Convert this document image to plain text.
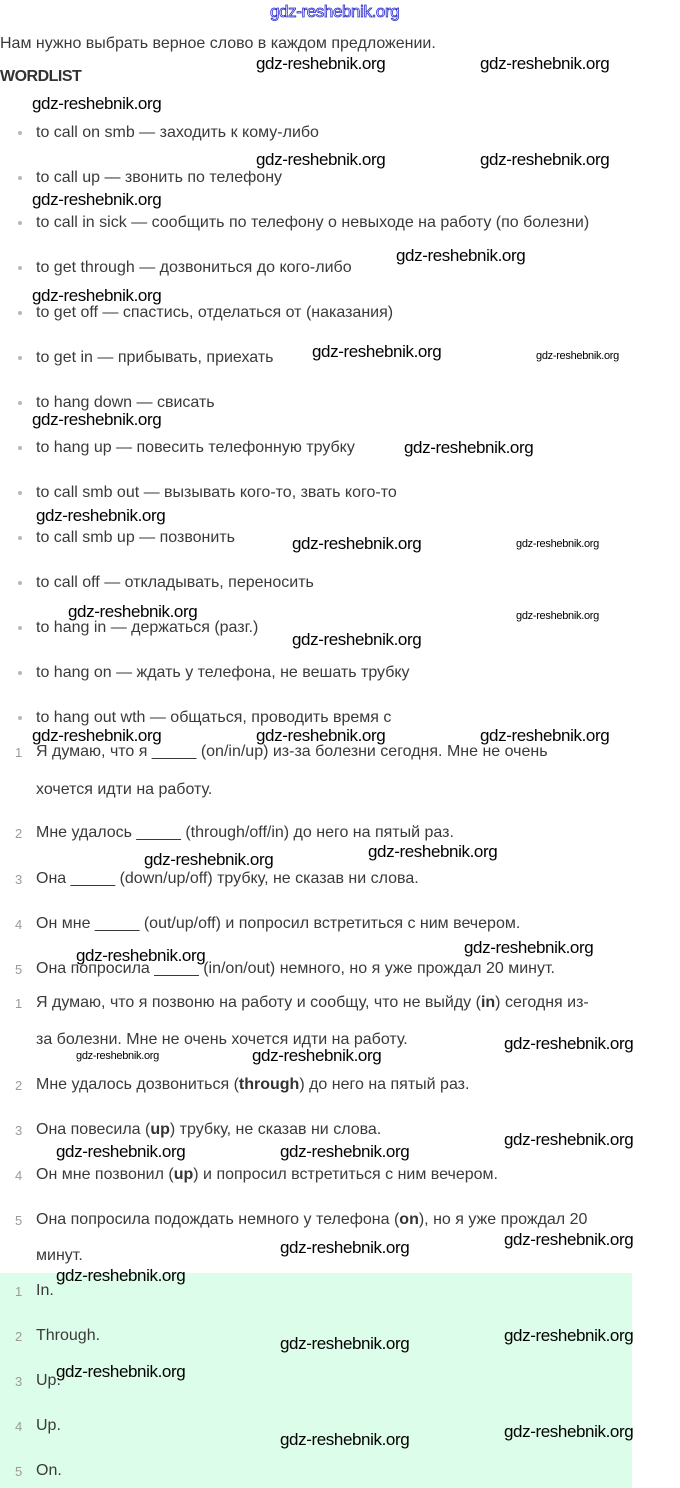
Нам нужно выбрать верное слово в каждом предложении.
WORDLIST
to call on smb — заходить к кому-либо
to call up — звонить по телефону
to call in sick — сообщить по телефону о невыходе на работу (по болезни)
to get through — дозвониться до кого-либо
to get off — спастись, отделаться от (наказания)
to get in — прибывать, приехать
to hang down — свисать
to hang up — повесить телефонную трубку
to call smb out — вызывать кого-то, звать кого-то
to call smb up — позвонить
to call off — откладывать, переносить
to hang in — держаться (разг.)
to hang on — ждать у телефона, не вешать трубку
to hang out wth — общаться, проводить время с
1 Я думаю, что я _____ (on/in/up) из-за болезни сегодня. Мне не очень
хочется идти на работу.
2 Мне удалось _____ (through/off/in) до него на пятый раз.
3 Она _____ (down/up/off) трубку, не сказав ни слова.
4 Он мне _____ (out/up/off) и попросил встретиться с ним вечером.
5 Она попросила _____ (in/on/out) немного, но я уже прождал 20 минут.
1 Я думаю, что я позвоню на работу и сообщу, что не выйду (in) сегодня из-
за болезни. Мне не очень хочется идти на работу.
2 Мне удалось дозвониться (through) до него на пятый раз.
3 Она повесила (up) трубку, не сказав ни слова.
4 Он мне позвонил (up) и попросил встретиться с ним вечером.
5 Она попросила подождать немного у телефона (on), но я уже прождал 20
минут.
1 In.
2 Through.
3 Up.
4 Up.
5 On.
gdz-reshebnik.org
gdz-reshebnik.org	gdz-reshebnik.org
gdz-reshebnik.org
gdz-reshebnik.org	gdz-reshebnik.org
gdz-reshebnik.org
gdz-reshebnik.org
gdz-reshebnik.org
gdz-reshebnik.org	gdz-reshebnik.org
gdz-reshebnik.org
gdz-reshebnik.org
gdz-reshebnik.org
gdz-reshebnik.org	gdz-reshebnik.org
gdz-reshebnik.org	gdz-reshebnik.org
gdz-reshebnik.org
gdz-reshebnik.org	gdz-reshebnik.org	gdz-reshebnik.org
gdz-reshebnik.org	gdz-reshebnik.org
gdz-reshebnik.org	gdz-reshebnik.org
gdz-reshebnik.org	gdz-reshebnik.org
gdz-reshebnik.org
gdz-reshebnik.org	gdz-reshebnik.org
gdz-reshebnik.org
gdz-reshebnik.org	gdz-reshebnik.org
gdz-reshebnik.org
gdz-reshebnik.org	gdz-reshebnik.org
gdz-reshebnik.org
gdz-reshebnik.org	gdz-reshebnik.org
